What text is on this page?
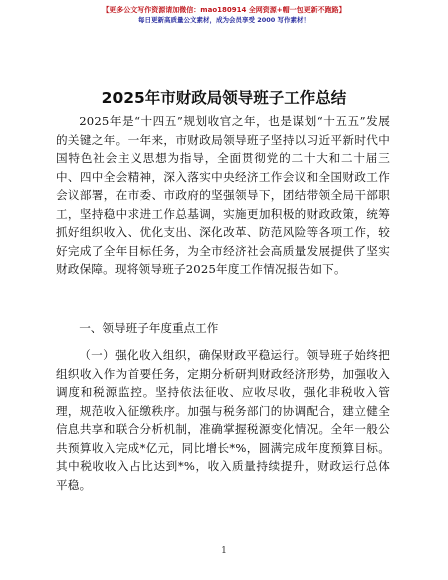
【更多公文写作资源请加微信：mao180914 全网资源+帽一包更新不跑路】
每日更新高质量公文素材，成为会员享受 2000 写作素材！
2025年市财政局领导班子工作总结
2025年是“十四五”规划收官之年，也是谋划“十五五”发展的关键之年。一年来，市财政局领导班子坚持以习近平新时代中国特色社会主义思想为指导，全面贯彻党的二十大和二十届三中、四中全会精神，深入落实中央经济工作会议和全国财政工作会议部署，在市委、市政府的坚强领导下，团结带领全局干部职工，坚持稳中求进工作总基调，实施更加积极的财政政策，统筹抓好组织收入、优化支出、深化改革、防范风险等各项工作，较好完成了全年目标任务，为全市经济社会高质量发展提供了坚实财政保障。现将领导班子2025年度工作情况报告如下。
一、领导班子年度重点工作
（一）强化收入组织，确保财政平稳运行。领导班子始终把组织收入作为首要任务，定期分析研判财政经济形势，加强收入调度和税源监控。坚持依法征收、应收尽收，强化非税收入管理，规范收入征缴秩序。加强与税务部门的协调配合，建立健全信息共享和联合分析机制，准确掌握税源变化情况。全年一般公共预算收入完成*亿元，同比增长*%，圆满完成年度预算目标。其中税收收入占比达到*%，收入质量持续提升，财政运行总体平稳。
1
